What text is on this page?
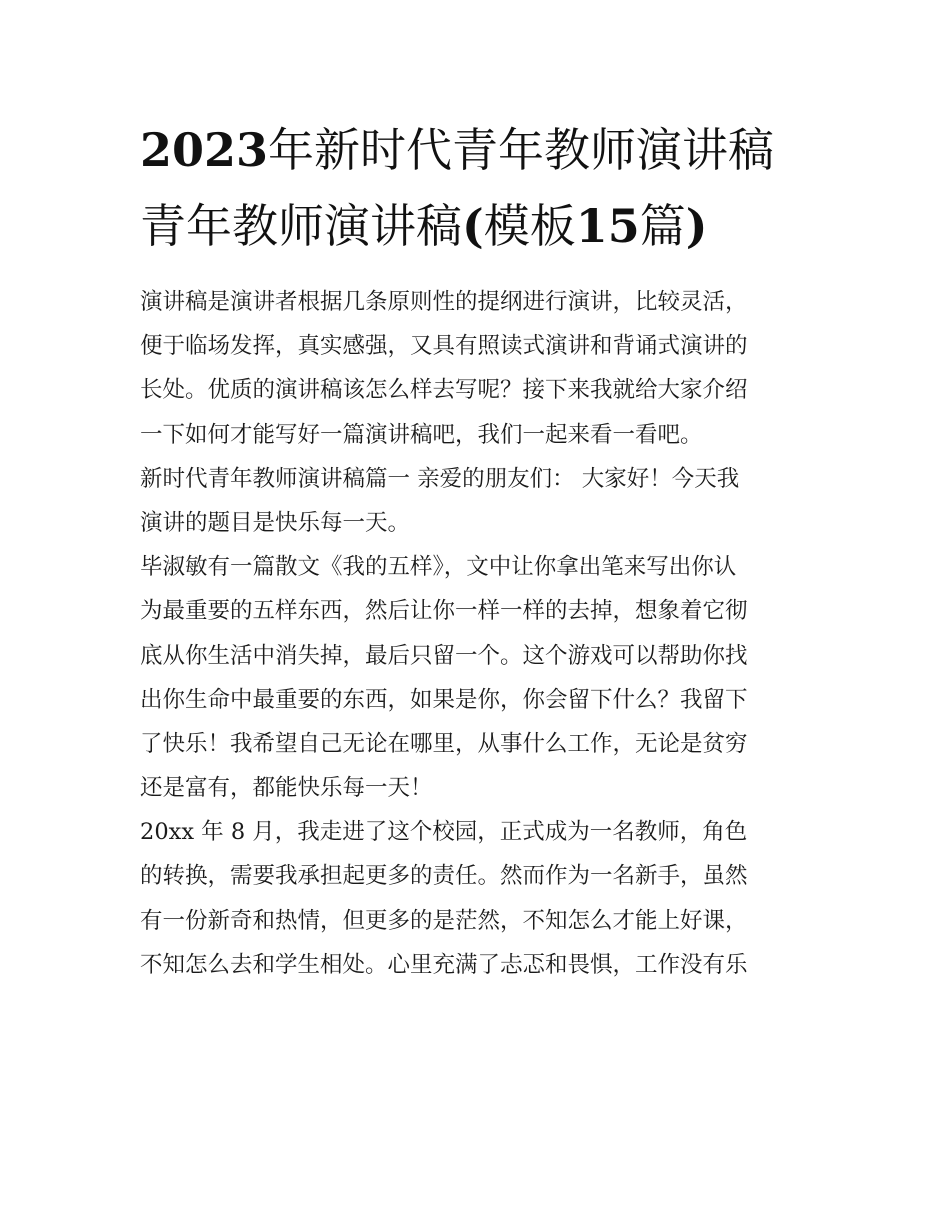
2023年新时代青年教师演讲稿
青年教师演讲稿(模板15篇)
演讲稿是演讲者根据几条原则性的提纲进行演讲，比较灵活，
便于临场发挥，真实感强，又具有照读式演讲和背诵式演讲的
长处。优质的演讲稿该怎么样去写呢？接下来我就给大家介绍
一下如何才能写好一篇演讲稿吧，我们一起来看一看吧。
新时代青年教师演讲稿篇一 亲爱的朋友们： 大家好！今天我
演讲的题目是快乐每一天。
毕淑敏有一篇散文《我的五样》，文中让你拿出笔来写出你认
为最重要的五样东西，然后让你一样一样的去掉，想象着它彻
底从你生活中消失掉，最后只留一个。这个游戏可以帮助你找
出你生命中最重要的东西，如果是你，你会留下什么？我留下
了快乐！我希望自己无论在哪里，从事什么工作，无论是贫穷
还是富有，都能快乐每一天！
20xx 年 8 月，我走进了这个校园，正式成为一名教师，角色
的转换，需要我承担起更多的责任。然而作为一名新手，虽然
有一份新奇和热情，但更多的是茫然，不知怎么才能上好课，
不知怎么去和学生相处。心里充满了忐忑和畏惧，工作没有乐
